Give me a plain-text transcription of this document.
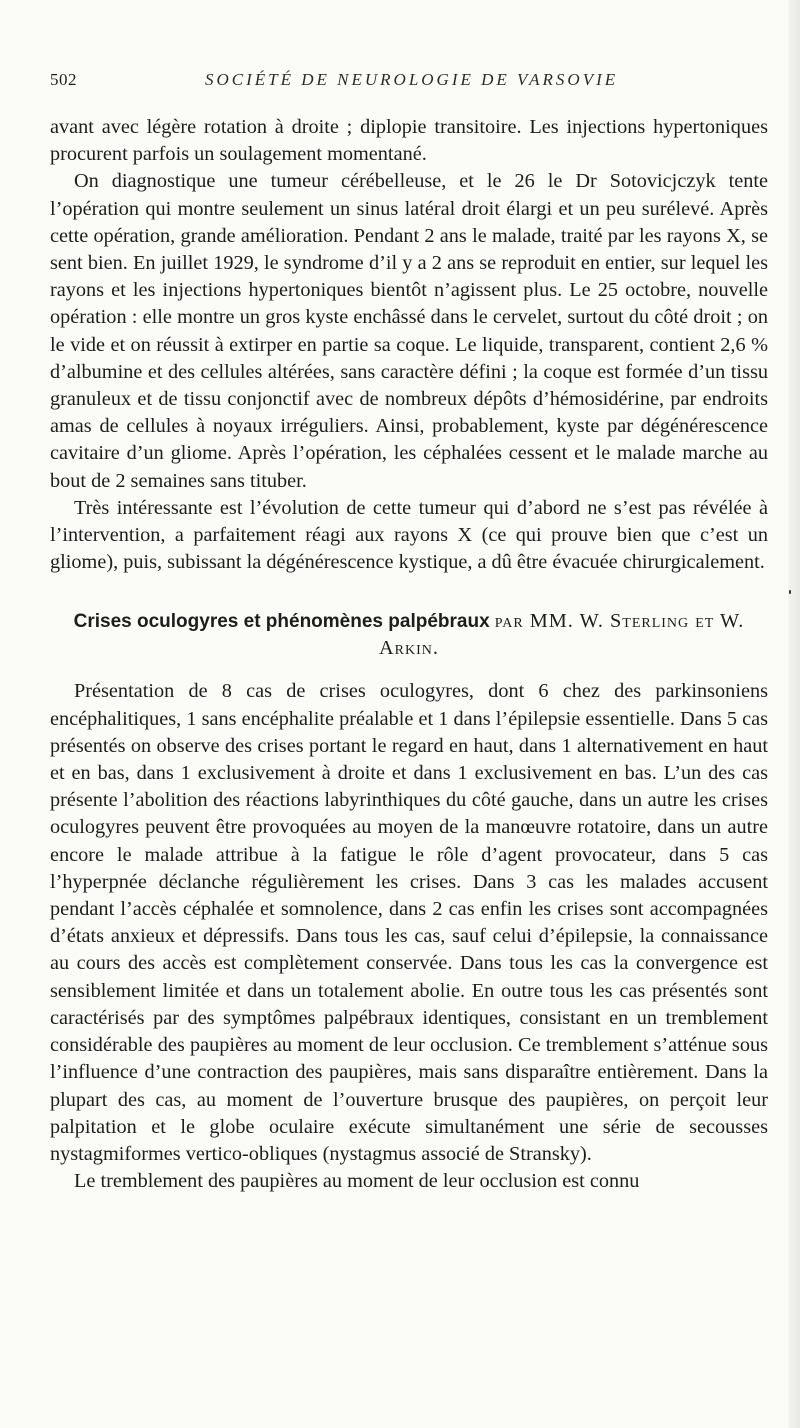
502	SOCIÉTÉ DE NEUROLOGIE DE VARSOVIE

avant avec légère rotation à droite ; diplopie transitoire. Les injections hypertoniques procurent parfois un soulagement momentané.

On diagnostique une tumeur cérébelleuse, et le 26 le Dr Sotovicjczyk tente l’opération qui montre seulement un sinus latéral droit élargi et un peu surélevé. Après cette opération, grande amélioration. Pendant 2 ans le malade, traité par les rayons X, se sent bien. En juillet 1929, le syndrome d’il y a 2 ans se reproduit en entier, sur lequel les rayons et les injections hypertoniques bientôt n’agissent plus. Le 25 octobre, nouvelle opération : elle montre un gros kyste enchâssé dans le cervelet, surtout du côté droit ; on le vide et on réussit à extirper en partie sa coque. Le liquide, transparent, contient 2,6 % d’albumine et des cellules altérées, sans caractère défini ; la coque est formée d’un tissu granuleux et de tissu conjonctif avec de nombreux dépôts d’hémosidérine, par endroits amas de cellules à noyaux irréguliers. Ainsi, probablement, kyste par dégénérescence cavitaire d’un gliome. Après l’opération, les céphalées cessent et le malade marche au bout de 2 semaines sans tituber.

Très intéressante est l’évolution de cette tumeur qui d’abord ne s’est pas révélée à l’intervention, a parfaitement réagi aux rayons X (ce qui prouve bien que c’est un gliome), puis, subissant la dégénérescence kystique, a dû être évacuée chirurgicalement.

Crises oculogyres et phénomènes palpébraux par MM. W. Sterling et W. Arkin.

Présentation de 8 cas de crises oculogyres, dont 6 chez des parkinsoniens encéphalitiques, 1 sans encéphalite préalable et 1 dans l’épilepsie essentielle. Dans 5 cas présentés on observe des crises portant le regard en haut, dans 1 alternativement en haut et en bas, dans 1 exclusivement à droite et dans 1 exclusivement en bas. L’un des cas présente l’abolition des réactions labyrinthiques du côté gauche, dans un autre les crises oculogyres peuvent être provoquées au moyen de la manœuvre rotatoire, dans un autre encore le malade attribue à la fatigue le rôle d’agent provocateur, dans 5 cas l’hyperpnée déclanche régulièrement les crises. Dans 3 cas les malades accusent pendant l’accès céphalée et somnolence, dans 2 cas enfin les crises sont accompagnées d’états anxieux et dépressifs. Dans tous les cas, sauf celui d’épilepsie, la connaissance au cours des accès est complètement conservée. Dans tous les cas la convergence est sensiblement limitée et dans un totalement abolie. En outre tous les cas présentés sont caractérisés par des symptômes palpébraux identiques, consistant en un tremblement considérable des paupières au moment de leur occlusion. Ce tremblement s’atténue sous l’influence d’une contraction des paupières, mais sans disparaître entièrement. Dans la plupart des cas, au moment de l’ouverture brusque des paupières, on perçoit leur palpitation et le globe oculaire exécute simultanément une série de secousses nystagmiformes vertico-obliques (nystagmus associé de Stransky).

Le tremblement des paupières au moment de leur occlusion est connu
